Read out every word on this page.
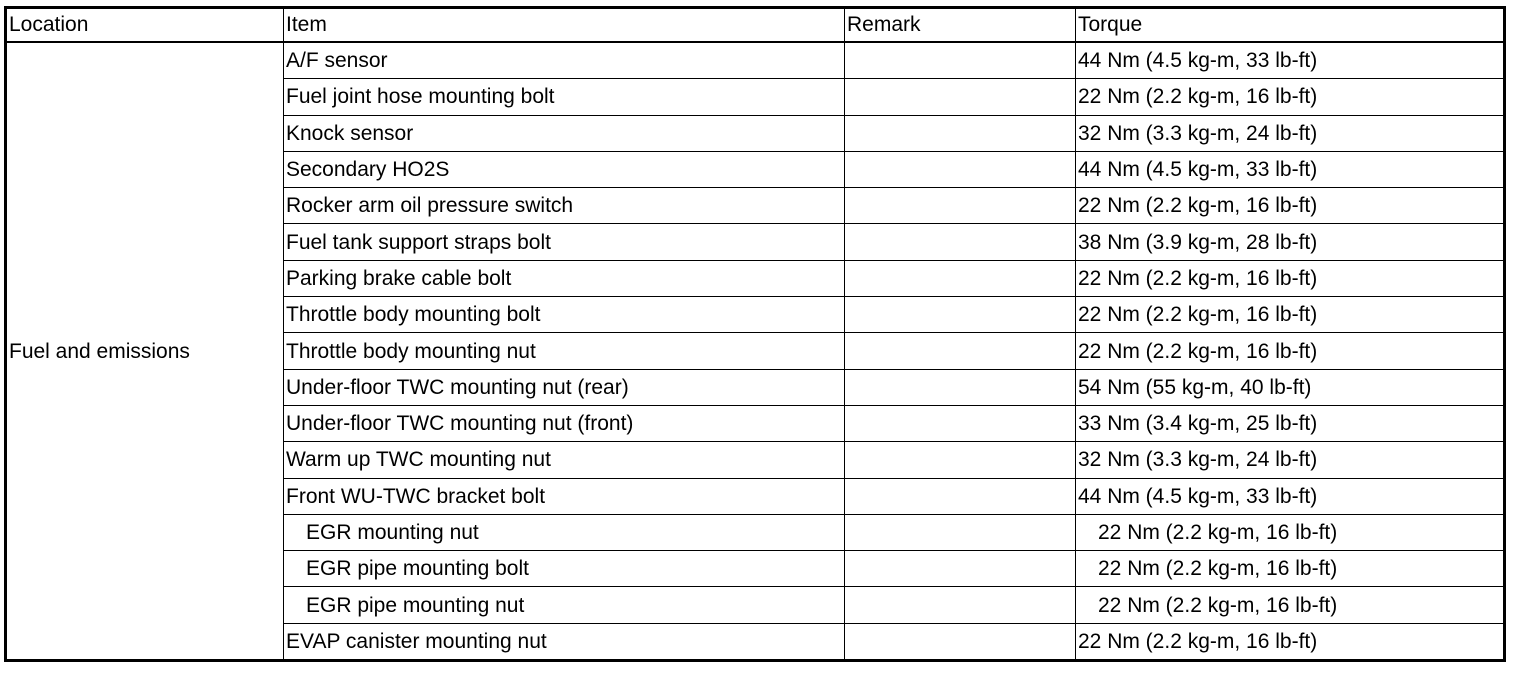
Location	Item	Remark	Torque
Fuel and emissions	A/F sensor		44 Nm (4.5 kg-m, 33 lb-ft)
	Fuel joint hose mounting bolt		22 Nm (2.2 kg-m, 16 lb-ft)
	Knock sensor		32 Nm (3.3 kg-m, 24 lb-ft)
	Secondary HO2S		44 Nm (4.5 kg-m, 33 lb-ft)
	Rocker arm oil pressure switch		22 Nm (2.2 kg-m, 16 lb-ft)
	Fuel tank support straps bolt		38 Nm (3.9 kg-m, 28 lb-ft)
	Parking brake cable bolt		22 Nm (2.2 kg-m, 16 lb-ft)
	Throttle body mounting bolt		22 Nm (2.2 kg-m, 16 lb-ft)
	Throttle body mounting nut		22 Nm (2.2 kg-m, 16 lb-ft)
	Under-floor TWC mounting nut (rear)		54 Nm (55 kg-m, 40 lb-ft)
	Under-floor TWC mounting nut (front)		33 Nm (3.4 kg-m, 25 lb-ft)
	Warm up TWC mounting nut		32 Nm (3.3 kg-m, 24 lb-ft)
	Front WU-TWC bracket bolt		44 Nm (4.5 kg-m, 33 lb-ft)
	EGR mounting nut		22 Nm (2.2 kg-m, 16 lb-ft)
	EGR pipe mounting bolt		22 Nm (2.2 kg-m, 16 lb-ft)
	EGR pipe mounting nut		22 Nm (2.2 kg-m, 16 lb-ft)
	EVAP canister mounting nut		22 Nm (2.2 kg-m, 16 lb-ft)
